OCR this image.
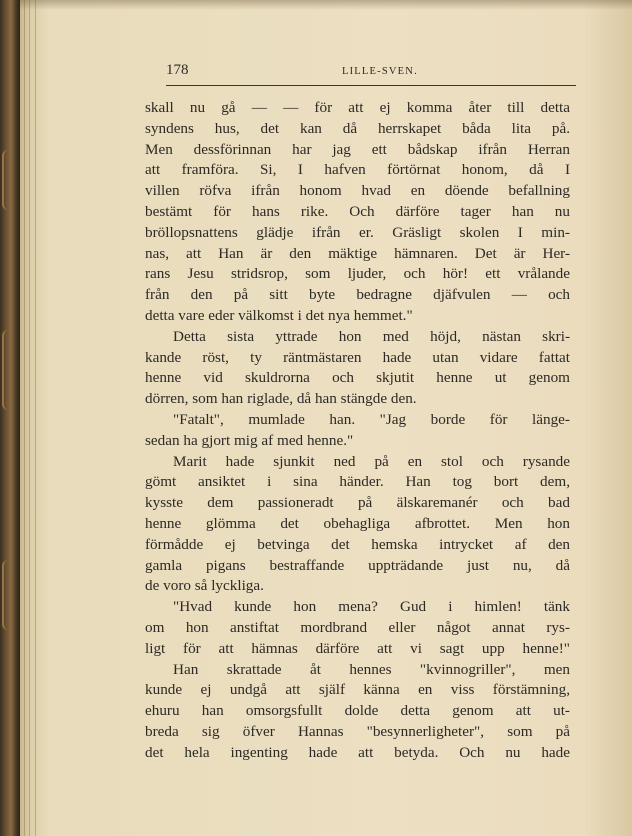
178	LILLE-SVEN.
skall nu gå — — för att ej komma åter till detta
syndens hus, det kan då herrskapet båda lita på.
Men dessförinnan har jag ett bådskap ifrån Herran
att framföra. Si, I hafven förtörnat honom, då I
villen röfva ifrån honom hvad en döende befallning
bestämt för hans rike. Och därföre tager han nu
bröllopsnattens glädje ifrån er. Gräsligt skolen I min-
nas, att Han är den mäktige hämnaren. Det är Her-
rans Jesu stridsrop, som ljuder, och hör! ett vrålande
från den på sitt byte bedragne djäfvulen — och
detta vare eder välkomst i det nya hemmet."
Detta sista yttrade hon med höjd, nästan skri-
kande röst, ty räntmästaren hade utan vidare fattat
henne vid skuldrorna och skjutit henne ut genom
dörren, som han riglade, då han stängde den.
"Fatalt", mumlade han. "Jag borde för länge-
sedan ha gjort mig af med henne."
Marit hade sjunkit ned på en stol och rysande
gömt ansiktet i sina händer. Han tog bort dem,
kysste dem passioneradt på älskaremanér och bad
henne glömma det obehagliga afbrottet. Men hon
förmådde ej betvinga det hemska intrycket af den
gamla pigans bestraffande uppträdande just nu, då
de voro så lyckliga.
"Hvad kunde hon mena? Gud i himlen! tänk
om hon anstiftat mordbrand eller något annat rys-
ligt för att hämnas därföre att vi sagt upp henne!"
Han skrattade åt hennes "kvinnogriller", men
kunde ej undgå att själf känna en viss förstämning,
ehuru han omsorgsfullt dolde detta genom att ut-
breda sig öfver Hannas "besynnerligheter", som på
det hela ingenting hade att betyda. Och nu hade
